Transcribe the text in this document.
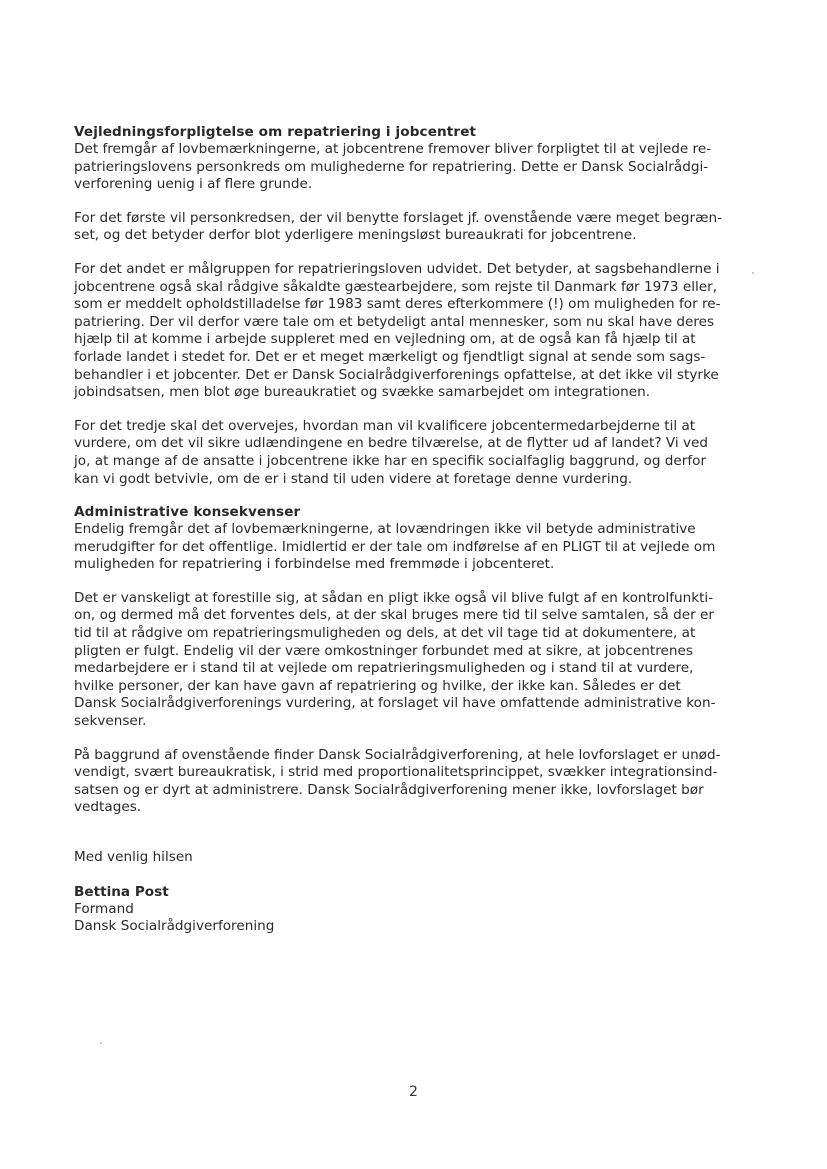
Vejledningsforpligtelse om repatriering i jobcentret

Det fremgår af lovbemærkningerne, at jobcentrene fremover bliver forpligtet til at vejlede re-
patrieringslovens personkreds om mulighederne for repatriering. Dette er Dansk Socialrådgi-
verforening uenig i af flere grunde.

For det første vil personkredsen, der vil benytte forslaget jf. ovenstående være meget begræn-
set, og det betyder derfor blot yderligere meningsløst bureaukrati for jobcentrene.

For det andet er målgruppen for repatrieringsloven udvidet. Det betyder, at sagsbehandlerne i
jobcentrene også skal rådgive såkaldte gæstearbejdere, som rejste til Danmark før 1973 eller,
som er meddelt opholdstilladelse før 1983 samt deres efterkommere (!) om muligheden for re-
patriering. Der vil derfor være tale om et betydeligt antal mennesker, som nu skal have deres
hjælp til at komme i arbejde suppleret med en vejledning om, at de også kan få hjælp til at
forlade landet i stedet for. Det er et meget mærkeligt og fjendtligt signal at sende som sags-
behandler i et jobcenter. Det er Dansk Socialrådgiverforenings opfattelse, at det ikke vil styrke
jobindsatsen, men blot øge bureaukratiet og svække samarbejdet om integrationen.

For det tredje skal det overvejes, hvordan man vil kvalificere jobcentermedarbejderne til at
vurdere, om det vil sikre udlændingene en bedre tilværelse, at de flytter ud af landet? Vi ved
jo, at mange af de ansatte i jobcentrene ikke har en specifik socialfaglig baggrund, og derfor
kan vi godt betvivle, om de er i stand til uden videre at foretage denne vurdering.

Administrative konsekvenser

Endelig fremgår det af lovbemærkningerne, at lovændringen ikke vil betyde administrative
merudgifter for det offentlige. Imidlertid er der tale om indførelse af en PLIGT til at vejlede om
muligheden for repatriering i forbindelse med fremmøde i jobcenteret.

Det er vanskeligt at forestille sig, at sådan en pligt ikke også vil blive fulgt af en kontrolfunkti-
on, og dermed må det forventes dels, at der skal bruges mere tid til selve samtalen, så der er
tid til at rådgive om repatrieringsmuligheden og dels, at det vil tage tid at dokumentere, at
pligten er fulgt. Endelig vil der være omkostninger forbundet med at sikre, at jobcentrenes
medarbejdere er i stand til at vejlede om repatrieringsmuligheden og i stand til at vurdere,
hvilke personer, der kan have gavn af repatriering og hvilke, der ikke kan. Således er det
Dansk Socialrådgiverforenings vurdering, at forslaget vil have omfattende administrative kon-
sekvenser.

På baggrund af ovenstående finder Dansk Socialrådgiverforening, at hele lovforslaget er unød-
vendigt, svært bureaukratisk, i strid med proportionalitetsprincippet, svækker integrationsind-
satsen og er dyrt at administrere. Dansk Socialrådgiverforening mener ikke, lovforslaget bør
vedtages.

Med venlig hilsen

Bettina Post

Formand
Dansk Socialrådgiverforening

2
